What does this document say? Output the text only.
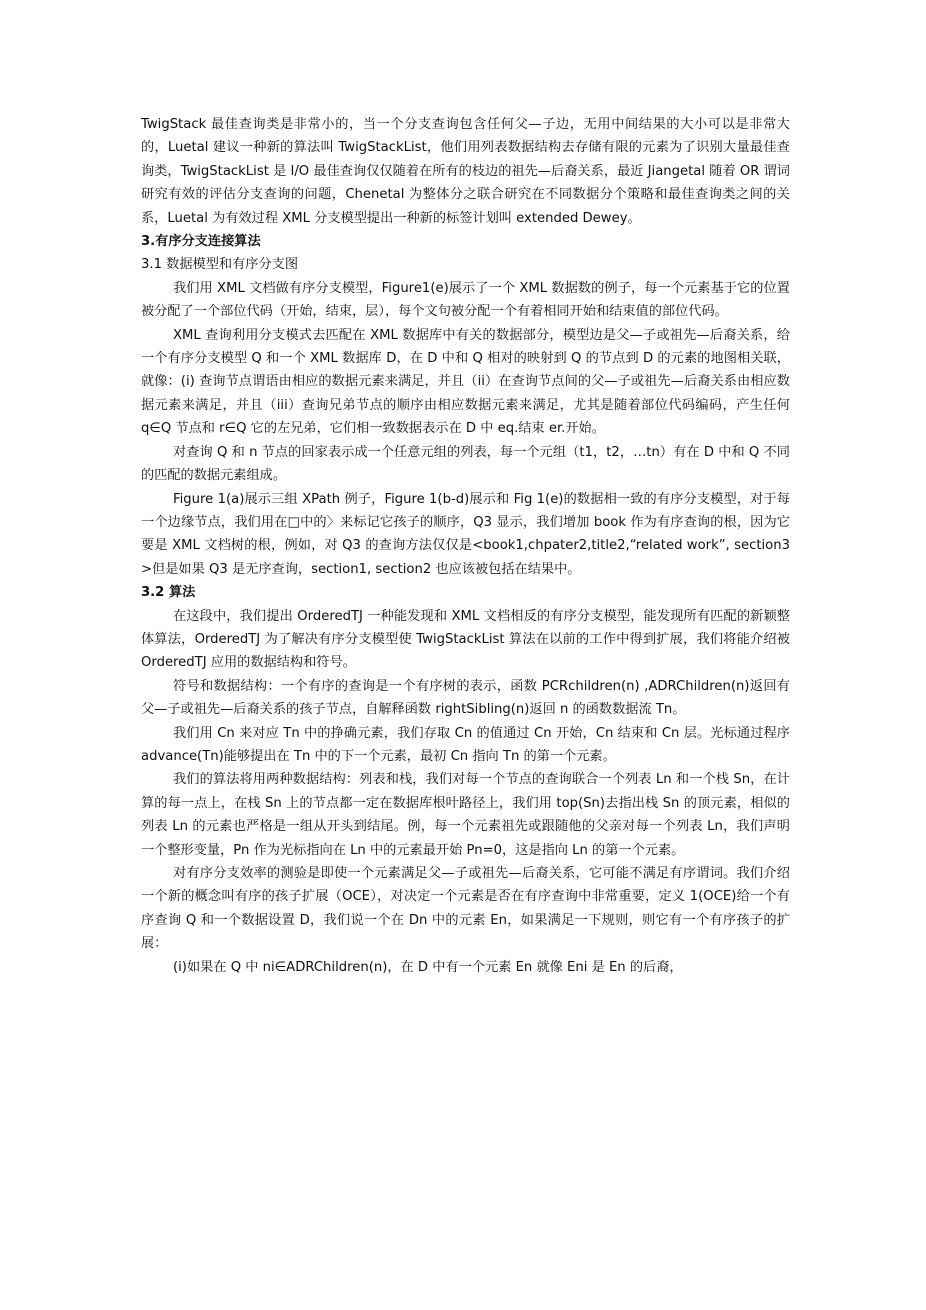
TwigStack 最佳查询类是非常小的，当一个分支查询包含任何父—子边，无用中间结果的大小可以是非常大的，Luetal 建议一种新的算法叫 TwigStackList，他们用列表数据结构去存储有限的元素为了识别大量最佳查询类，TwigStackList 是 I/O 最佳查询仅仅随着在所有的枝边的祖先—后裔关系，最近 Jiangetal 随着 OR 谓词研究有效的评估分支查询的问题，Chenetal 为整体分之联合研究在不同数据分个策略和最佳查询类之间的关系，Luetal 为有效过程 XML 分支模型提出一种新的标签计划叫 extended Dewey。

3.有序分支连接算法

3.1 数据模型和有序分支图

我们用 XML 文档做有序分支模型，Figure1(e)展示了一个 XML 数据数的例子，每一个元素基于它的位置被分配了一个部位代码（开始，结束，层），每个文句被分配一个有着相同开始和结束值的部位代码。

XML 查询利用分支模式去匹配在 XML 数据库中有关的数据部分，模型边是父—子或祖先—后裔关系，给一个有序分支模型 Q 和一个 XML 数据库 D，在 D 中和 Q 相对的映射到 Q 的节点到 D 的元素的地图相关联，就像：(i) 查询节点谓语由相应的数据元素来满足，并且（ii）在查询节点间的父—子或祖先—后裔关系由相应数据元素来满足，并且（iii）查询兄弟节点的顺序由相应数据元素来满足，尤其是随着部位代码编码，产生任何 q∈Q 节点和 r∈Q 它的左兄弟，它们相一致数据表示在 D 中 eq.结束 er.开始。

对查询 Q 和 n 节点的回家表示成一个任意元组的列表，每一个元组（t1，t2，…tn）有在 D 中和 Q 不同的匹配的数据元素组成。

Figure 1(a)展示三组 XPath 例子，Figure 1(b-d)展示和 Fig 1(e)的数据相一致的有序分支模型，对于每一个边缘节点，我们用在□中的〉来标记它孩子的顺序，Q3 显示，我们增加 book 作为有序查询的根，因为它要是 XML 文档树的根，例如，对 Q3 的查询方法仅仅是<book1,chpater2,title2,“related work”, section3 >但是如果 Q3 是无序查询，section1, section2 也应该被包括在结果中。

3.2 算法

在这段中，我们提出 OrderedTJ 一种能发现和 XML 文档相反的有序分支模型，能发现所有匹配的新颖整体算法，OrderedTJ 为了解决有序分支模型使 TwigStackList 算法在以前的工作中得到扩展，我们将能介绍被 OrderedTJ 应用的数据结构和符号。

符号和数据结构：一个有序的查询是一个有序树的表示，函数 PCRchildren(n) ,ADRChildren(n)返回有父—子或祖先—后裔关系的孩子节点，自解释函数 rightSibling(n)返回 n 的函数数据流 Tn。

我们用 Cn 来对应 Tn 中的挣确元素，我们存取 Cn 的值通过 Cn 开始，Cn 结束和 Cn 层。光标通过程序 advance(Tn)能够提出在 Tn 中的下一个元素，最初 Cn 指向 Tn 的第一个元素。

我们的算法将用两种数据结构：列表和栈，我们对每一个节点的查询联合一个列表 Ln 和一个栈 Sn，在计算的每一点上，在栈 Sn 上的节点都一定在数据库根叶路径上，我们用 top(Sn)去指出栈 Sn 的顶元素，相似的列表 Ln 的元素也严格是一组从开头到结尾。例，每一个元素祖先或跟随他的父亲对每一个列表 Ln，我们声明一个整形变量，Pn 作为光标指向在 Ln 中的元素最开始 Pn=0，这是指向 Ln 的第一个元素。

对有序分支效率的测验是即使一个元素满足父—子或祖先—后裔关系，它可能不满足有序谓词。我们介绍一个新的概念叫有序的孩子扩展（OCE），对决定一个元素是否在有序查询中非常重要，定义 1(OCE)给一个有序查询 Q 和一个数据设置 D，我们说一个在 Dn 中的元素 En，如果满足一下规则，则它有一个有序孩子的扩展：

(i)如果在 Q 中 ni∈ADRChildren(n)，在 D 中有一个元素 En 就像 Eni 是 En 的后裔，
